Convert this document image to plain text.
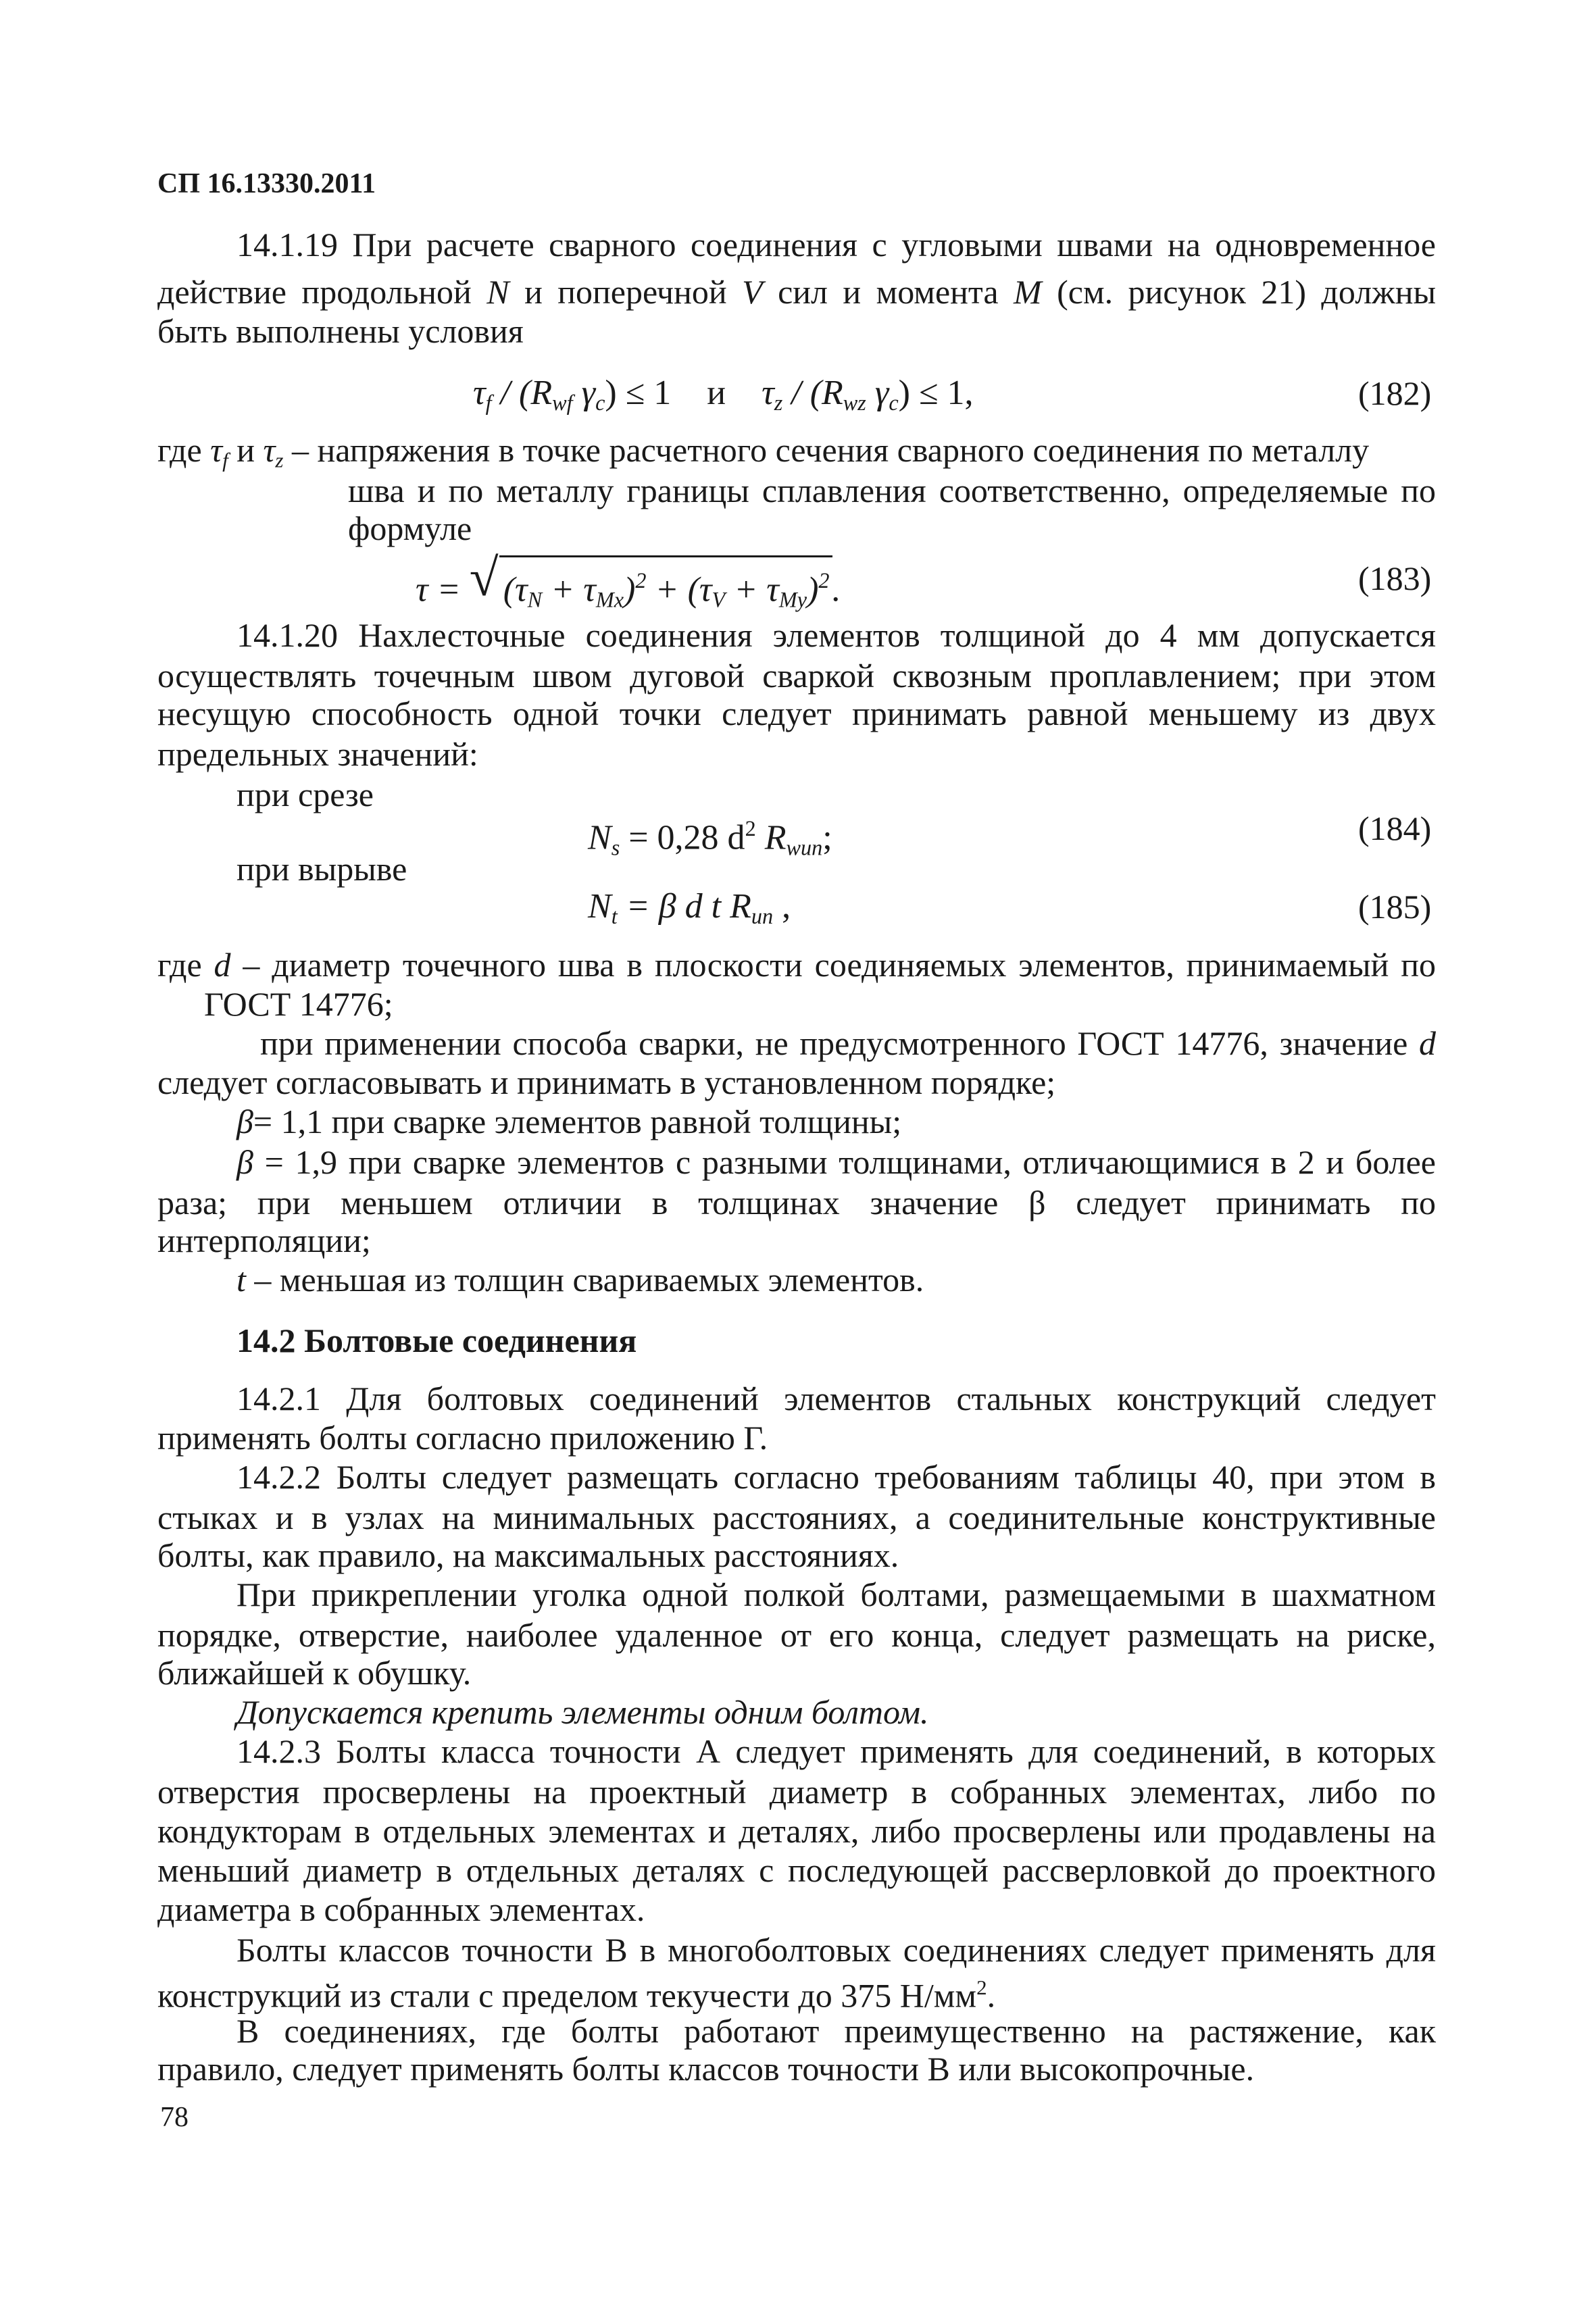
СП 16.13330.2011
14.1.19 При расчете сварного соединения с угловыми швами на одновременное
действие продольной N и поперечной V сил и момента M (см. рисунок 21) должны
быть выполнены условия
$\tau_f / (R_{wf}$ $\gamma_c) \le 1$ и $\tau_z / (R_{wz}$ $\gamma_c) \le 1$,	(182)
где $\tau_f$ и $\tau_z$ – напряжения в точке расчетного сечения сварного соединения по металлу
шва и по металлу границы сплавления соответственно, определяемые по
формуле
τ = √ $(\tau_N + \tau_{Mx})^2 + (\tau_V + \tau_{My})^2$.	(183)
14.1.20 Нахлесточные соединения элементов толщиной до 4 мм допускается
осуществлять точечным швом дуговой сваркой сквозным проплавлением; при этом
несущую способность одной точки следует принимать равной меньшему из двух
предельных значений:
при срезе
$N_s = 0,28$ $d^2$ $R_{wun}$;	(184)
при вырыве
$N_t = \beta$ d t $R_{un}$ ,	(185)
где d – диаметр точечного шва в плоскости соединяемых элементов, принимаемый по
ГОСТ 14776;
при применении способа сварки, не предусмотренного ГОСТ 14776, значение d
следует согласовывать и принимать в установленном порядке;
β= 1,1 при сварке элементов равной толщины;
β = 1,9 при сварке элементов с разными толщинами, отличающимися в 2 и более
раза; при меньшем отличии в толщинах значение β следует принимать по
интерполяции;
t – меньшая из толщин свариваемых элементов.
14.2 Болтовые соединения
14.2.1 Для болтовых соединений элементов стальных конструкций следует
применять болты согласно приложению Г.
14.2.2 Болты следует размещать согласно требованиям таблицы 40, при этом в
стыках и в узлах на минимальных расстояниях, а соединительные конструктивные
болты, как правило, на максимальных расстояниях.
При прикреплении уголка одной полкой болтами, размещаемыми в шахматном
порядке, отверстие, наиболее удаленное от его конца, следует размещать на риске,
ближайшей к обушку.
Допускается крепить элементы одним болтом.
14.2.3 Болты класса точности А следует применять для соединений, в которых
отверстия просверлены на проектный диаметр в собранных элементах, либо по
кондукторам в отдельных элементах и деталях, либо просверлены или продавлены на
меньший диаметр в отдельных деталях с последующей рассверловкой до проектного
диаметра в собранных элементах.
Болты классов точности В в многоболтовых соединениях следует применять для
конструкций из стали с пределом текучести до 375 $Н/мм^2$.
В соединениях, где болты работают преимущественно на растяжение, как
правило, следует применять болты классов точности В или высокопрочные.
78
